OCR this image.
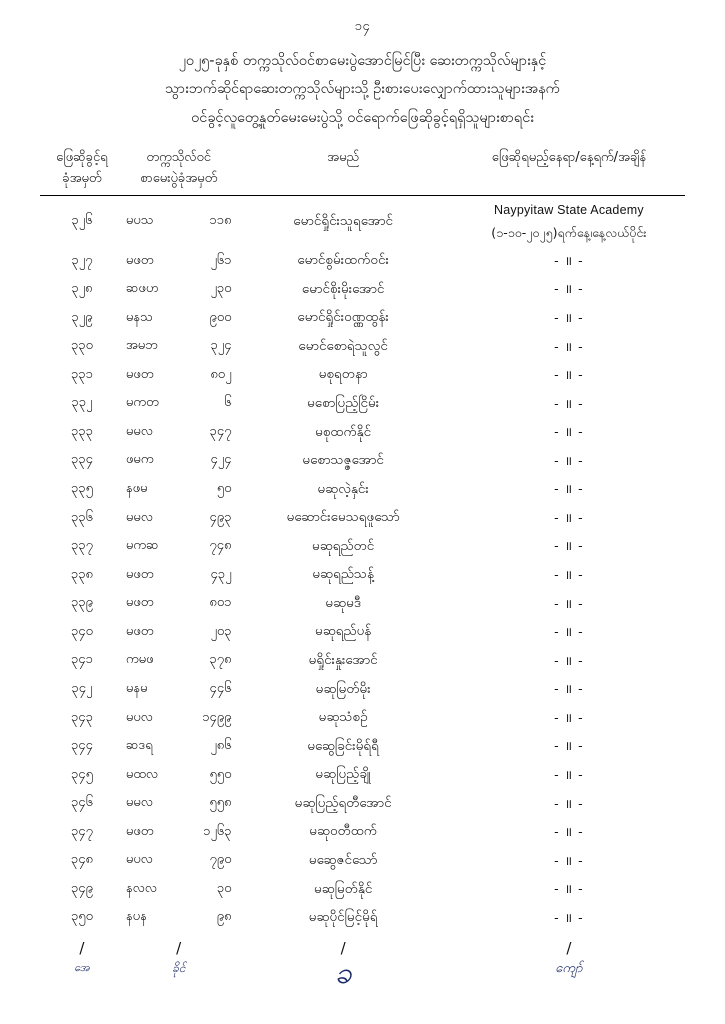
၁၄
၂၀၂၅-ခုနှစ် တက္ကသိုလ်ဝင်စာမေးပွဲအောင်မြင်ပြီး ဆေးတက္ကသိုလ်များနှင့်
သွားဘက်ဆိုင်ရာဆေးတက္ကသိုလ်များသို့ ဦးစားပေးလျှောက်ထားသူများအနက်
ဝင်ခွင့်လူတွေ့နှုတ်မေးမေးပွဲသို့ ဝင်ရောက်ဖြေဆိုခွင့်ရရှိသူများစာရင်း
ဖြေဆိုခွင့်ရ
ခုံအမှတ်

တက္ကသိုလ်ဝင်
စာမေးပွဲခုံအမှတ်

အမည်	ဖြေဆိုရမည့်နေရာ/နေ့ရက်/အချိန်

၃၂၆	မပသ	၁၁၈	မောင်ရှိုင်းသူရအောင်	
Naypyitaw State Academy
(၁-၁၀-၂၀၂၅)ရက်နေ့၊နေ့လယ်ပိုင်း

၃၂၇	မဖတ ၂၆၁	မောင်စွမ်းထက်ဝင်း	- ॥ -
၃၂၈	ဆဖဟ ၂၃၀	မောင်စိုးမိုးအောင်	- ॥ -
၃၂၉	မနသ ၉၀၀	မောင်ရှိုင်းဝဏ္ဏထွန်း	- ॥ -
၃၃၀	အမဘ ၃၂၄	မောင်စောရဲသူလွင်	- ॥ -
၃၃၁	မဖတ ၈၀၂	မစုရတနာ	- ॥ -
၃၃၂	မကတ ၆	မစောပြည့်ငြိမ်း	- ॥ -
၃၃၃	မမလ ၃၄၇	မစုထက်နိုင်	- ॥ -
၃၃၄	ဖမက ၄၂၄	မစောသဇ္ဇအောင်	- ॥ -
၃၃၅	နဖမ ၅၀	မဆုလဲ့နှင်း	- ॥ -
၃၃၆	မမလ ၄၉၃	မဆောင်းမေသရဖူသော်	- ॥ -
၃၃၇	မကဆ ၇၄၈	မဆုရည်တင်	- ॥ -
၃၃၈	မဖတ ၄၃၂	မဆုရည်သန့်	- ॥ -
၃၃၉	မဖတ ၈၀၁	မဆုမဒီ	- ॥ -
၃၄၀	မဖတ ၂၀၃	မဆုရည်ပန်	- ॥ -
၃၄၁	ကမဖ ၃၇၈	မရှိုင်းနှုးအောင်	- ॥ -
၃၄၂	မနမ ၄၄၆	မဆုမြတ်မိုး	- ॥ -
၃၄၃	မပလ ၁၄၉၉	မဆုသံစဉ်	- ॥ -
၃၄၄	ဆဒရ ၂၈၆	မဆွေခြင်းမိုရ်ရီ	- ॥ -
၃၄၅	မထလ ၅၅၀	မဆုပြည့်ချို	- ॥ -
၃၄၆	မမလ ၅၅၈	မဆုပြည့်ရတီအောင်	- ॥ -
၃၄၇	မဖတ ၁၂၆၃	မဆုဝတီထက်	- ॥ -
၃၄၈	မပလ ၇၉၀	မဆွေဇင်သော်	- ॥ -
၃၄၉	နလလ ၃၀	မဆုမြတ်နိုင်	- ॥ -
၃၅၀	နပန ၉၈	မဆုပိုင်မြင့်မိုရ်	- ॥ -
/	/	/	/
အေ	ခိုင်	ခ	ကျော်
